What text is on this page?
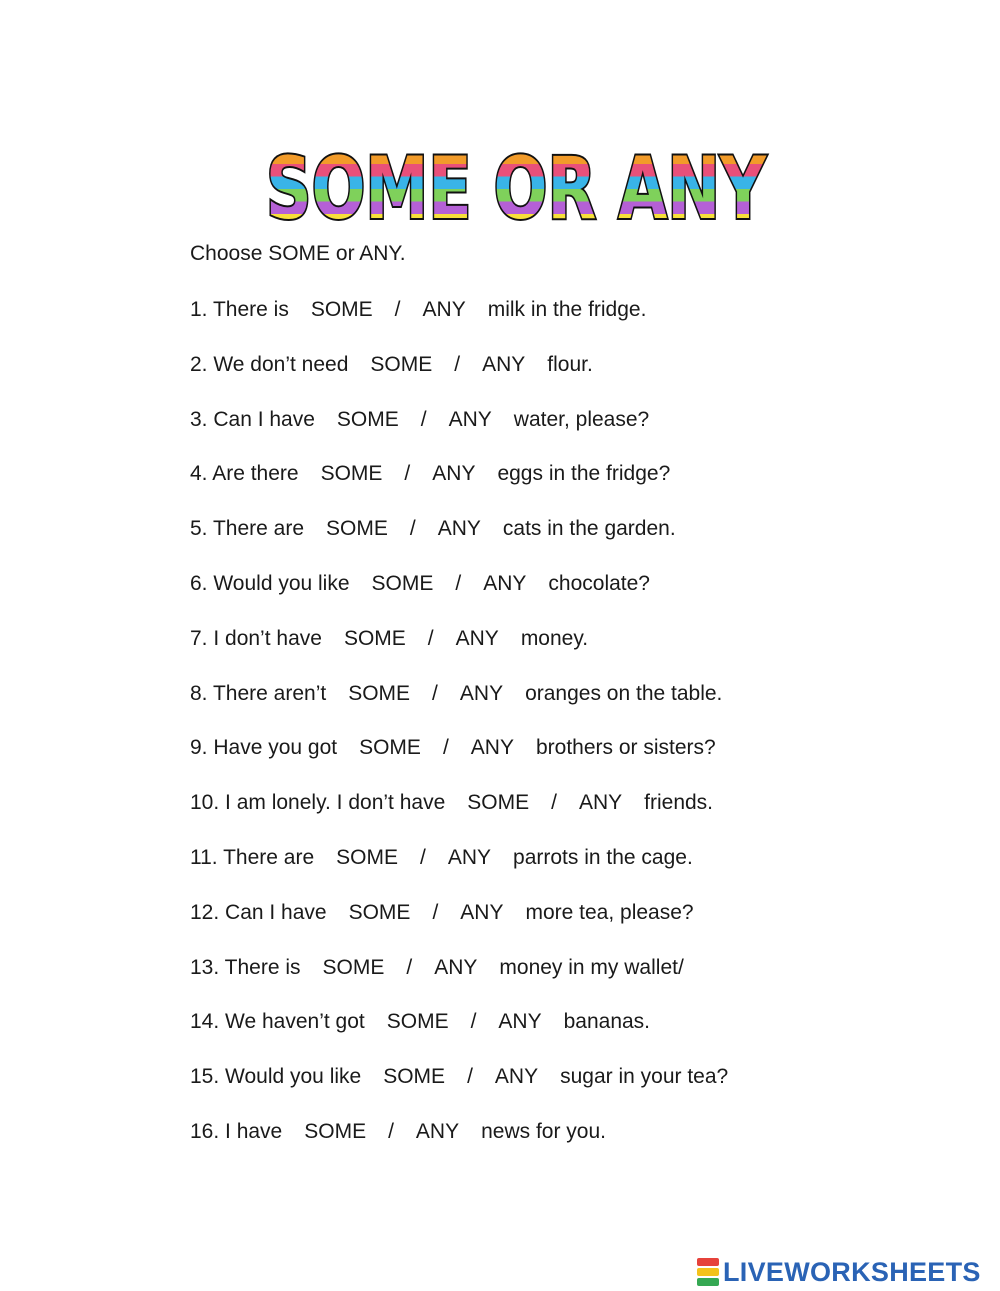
SOME OR ANY
Choose SOME or ANY.
1. There is SOME / ANY milk in the fridge.
2. We don’t need SOME / ANY flour.
3. Can I have SOME / ANY water, please?
4. Are there SOME / ANY eggs in the fridge?
5. There are SOME / ANY cats in the garden.
6. Would you like SOME / ANY chocolate?
7. I don’t have SOME / ANY money.
8. There aren’t SOME / ANY oranges on the table.
9. Have you got SOME / ANY brothers or sisters?
10. I am lonely. I don’t have SOME / ANY friends.
11. There are SOME / ANY parrots in the cage.
12. Can I have SOME / ANY more tea, please?
13. There is SOME / ANY money in my wallet/
14. We haven’t got SOME / ANY bananas.
15. Would you like SOME / ANY sugar in your tea?
16. I have SOME / ANY news for you.
LIVEWORKSHEETS
